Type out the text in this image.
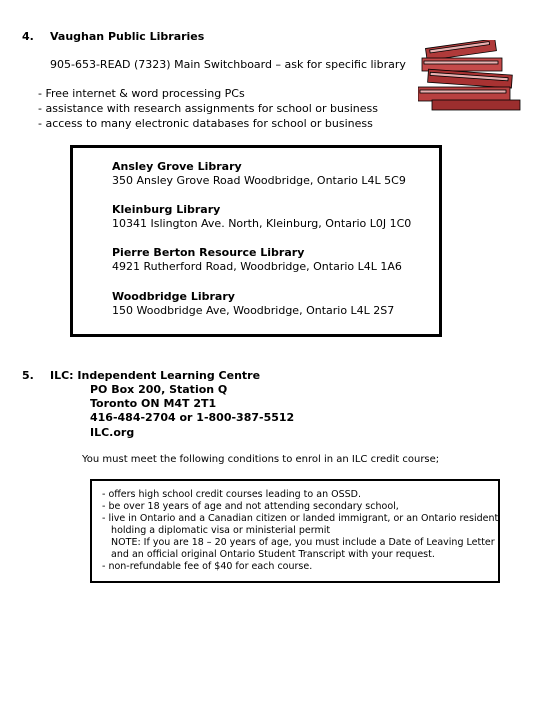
4. Vaughan Public Libraries
905-653-READ (7323) Main Switchboard – ask for specific library
- Free internet & word processing PCs
- assistance with research assignments for school or business
- access to many electronic databases for school or business
Ansley Grove Library
350 Ansley Grove Road Woodbridge, Ontario L4L 5C9
Kleinburg Library
10341 Islington Ave. North, Kleinburg, Ontario L0J 1C0
Pierre Berton Resource Library
4921 Rutherford Road, Woodbridge, Ontario L4L 1A6
Woodbridge Library
150 Woodbridge Ave, Woodbridge, Ontario L4L 2S7
5. ILC: Independent Learning Centre
PO Box 200, Station Q
Toronto ON M4T 2T1
416-484-2704 or 1-800-387-5512
ILC.org
You must meet the following conditions to enrol in an ILC credit course;
- offers high school credit courses leading to an OSSD.
- be over 18 years of age and not attending secondary school,
- live in Ontario and a Canadian citizen or landed immigrant, or an Ontario resident
holding a diplomatic visa or ministerial permit
NOTE: If you are 18 – 20 years of age, you must include a Date of Leaving Letter
and an official original Ontario Student Transcript with your request.
- non-refundable fee of $40 for each course.
